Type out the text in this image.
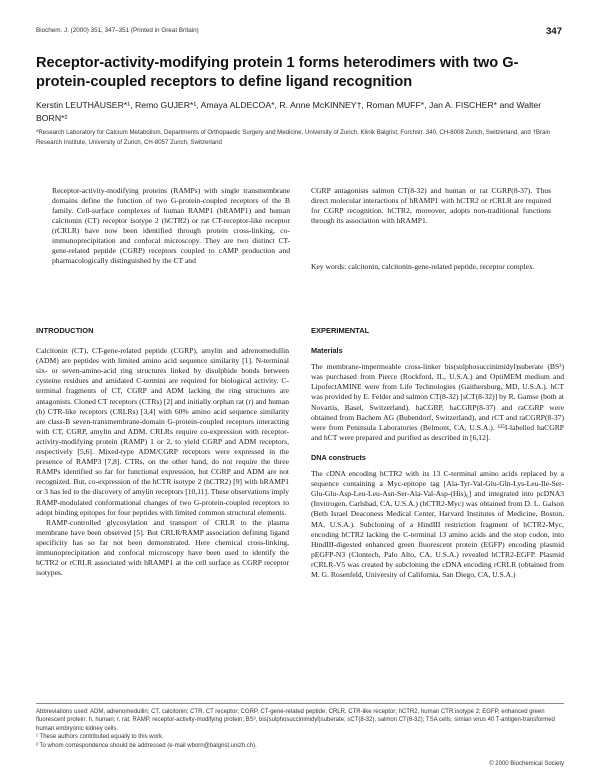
Biochem. J. (2000) 351, 347–351 (Printed in Great Britain)	347
Receptor-activity-modifying protein 1 forms heterodimers with two G-protein-coupled receptors to define ligand recognition
Kerstin LEUTHÄUSER*¹, Remo GUJER*¹, Amaya ALDECOA*, R. Anne McKINNEY†, Roman MUFF*, Jan A. FISCHER* and Walter BORN*²
*Research Laboratory for Calcium Metabolism, Departments of Orthopaedic Surgery and Medicine, University of Zurich, Klinik Balgrist, Forchstr. 340, CH-8008 Zurich, Switzerland, and †Brain Research Institute, University of Zurich, CH-8057 Zurich, Switzerland
Receptor-activity-modifying proteins (RAMPs) with single transmembrane domains define the function of two G-protein-coupled receptors of the B family. Cell-surface complexes of human RAMP1 (hRAMP1) and human calcitonin (CT) receptor isotype 2 (hCTR2) or rat CT-receptor-like receptor (rCRLR) have now been identified through protein cross-linking, co-immunoprecipitation and confocal microscopy. They are two distinct CT-gene-related peptide (CGRP) receptors coupled to cAMP production and pharmacologically distinguished by the CT and
CGRP antagonists salmon CT(8-32) and human or rat CGRP(8-37). Thus direct molecular interactions of hRAMP1 with hCTR2 or rCRLR are required for CGRP recognition. hCTR2, moreover, adopts non-traditional functions through its association with hRAMP1.
Key words: calcitonin, calcitonin-gene-related peptide, receptor complex.
INTRODUCTION

Calcitonin (CT), CT-gene-related peptide (CGRP), amylin and adrenomedullin (ADM) are peptides with limited amino acid sequence similarity [1]. N-terminal six- or seven-amino-acid ring structures linked by disulphide bonds between cysteine residues and amidated C-termini are required for biological activity. C-terminal fragments of CT, CGRP and ADM lacking the ring structures are antagonists. Cloned CT receptors (CTRs) [2] and initially orphan rat (r) and human (h) CTR-like receptors (CRLRs) [3,4] with 60% amino acid sequence similarity are class-B seven-transmembrane-domain G-protein-coupled receptors interacting with CT, CGRP, amylin and ADM. CRLRs require co-expression with receptor-activity-modifying protein (RAMP) 1 or 2, to yield CGRP and ADM receptors, respectively [5,6]. Mixed-type ADM/CGRP receptors were expressed in the presence of RAMP3 [7,8]. CTRs, on the other hand, do not require the three RAMPs identified so far for functional expression, but CGRP and ADM are not recognized. But, co-expression of the hCTR isotype 2 (hCTR2) [9] with hRAMP1 or 3 has led to the discovery of amylin receptors [10,11]. These observations imply RAMP-modulated conformational changes of two G-protein-coupled receptors to adopt binding epitopes for four peptides with limited common structural elements.

RAMP-controlled glycosylation and transport of CRLR to the plasma membrane have been observed [5]. But CRLR/RAMP association defining ligand specificity has so far not been demonstrated. Here chemical cross-linking, immunoprecipitation and confocal microscopy have been used to identify the hCTR2 or rCRLR associated with hRAMP1 at the cell surface as CGRP receptor isotypes.

EXPERIMENTAL
Materials

The membrane-impermeable cross-linker bis(sulphosuccinimidyl)suberate (BS³) was purchased from Pierce (Rockford, IL, U.S.A.) and OptiMEM medium and LipofectAMINE were from Life Technologies (Gaithersburg, MD, U.S.A.). hCT was provided by E. Felder and salmon CT(8-32) [sCT(8-32)] by R. Gamse (both at Novartis, Basel, Switzerland). haCGRP, haCGRP(8-37) and raCGRP were obtained from Bachem AG (Bubendorf, Switzerland), and rCT and raCGRP(8-37) were from Peninsula Laboratories (Belmont, CA, U.S.A.). ¹²⁵I-labelled haCGRP and hCT were prepared and purified as described in [6,12].

DNA constructs

The cDNA encoding hCTR2 with its 13 C-terminal amino acids replaced by a sequence containing a Myc-epitope tag [Ala-Tyr-Val-Glu-Gln-Lys-Leu-Ile-Ser-Glu-Glu-Asp-Leu-Leu-Asn-Ser-Ala-Val-Asp-(His)₆] and integrated into pcDNA3 (Invitrogen, Carlsbad, CA, U.S.A.) (hCTR2-Myc) was obtained from D. L. Galson (Beth Israel Deaconess Medical Center, Harvard Institutes of Medicine, Boston, MA, U.S.A.). Subcloning of a HindIII restriction fragment of hCTR2-Myc, encoding hCTR2 lacking the C-terminal 13 amino acids and the stop codon, into HindIII-digested enhanced green fluorescent protein (EGFP) encoding plasmid pEGFP-N3 (Clontech, Palo Alto, CA, U.S.A.) revealed hCTR2-EGFP. Plasmid rCRLR-V5 was created by subcloning the cDNA encoding rCRLR (obtained from M. G. Rosenfeld, University of California, San Diego, CA, U.S.A.)

Abbreviations used: ADM, adrenomedullin; CT, calcitonin; CTR, CT receptor; CGRP, CT-gene-related peptide; CRLR, CTR-like receptor; hCTR2, human CTR isotype 2; EGFP, enhanced green fluorescent protein; h, human; r, rat; RAMP, receptor-activity-modifying protein; BS³, bis(sulphosuccinimidyl)suberate; sCT(8-32), salmon CT(8-32); TSA cells, simian virus 40 T-antigen-transformed human embryonic kidney cells.

¹ These authors contributed equally to this work.

² To whom correspondence should be addressed (e-mail wborn@balgrist.unizh.ch).

© 2000 Biochemical Society
